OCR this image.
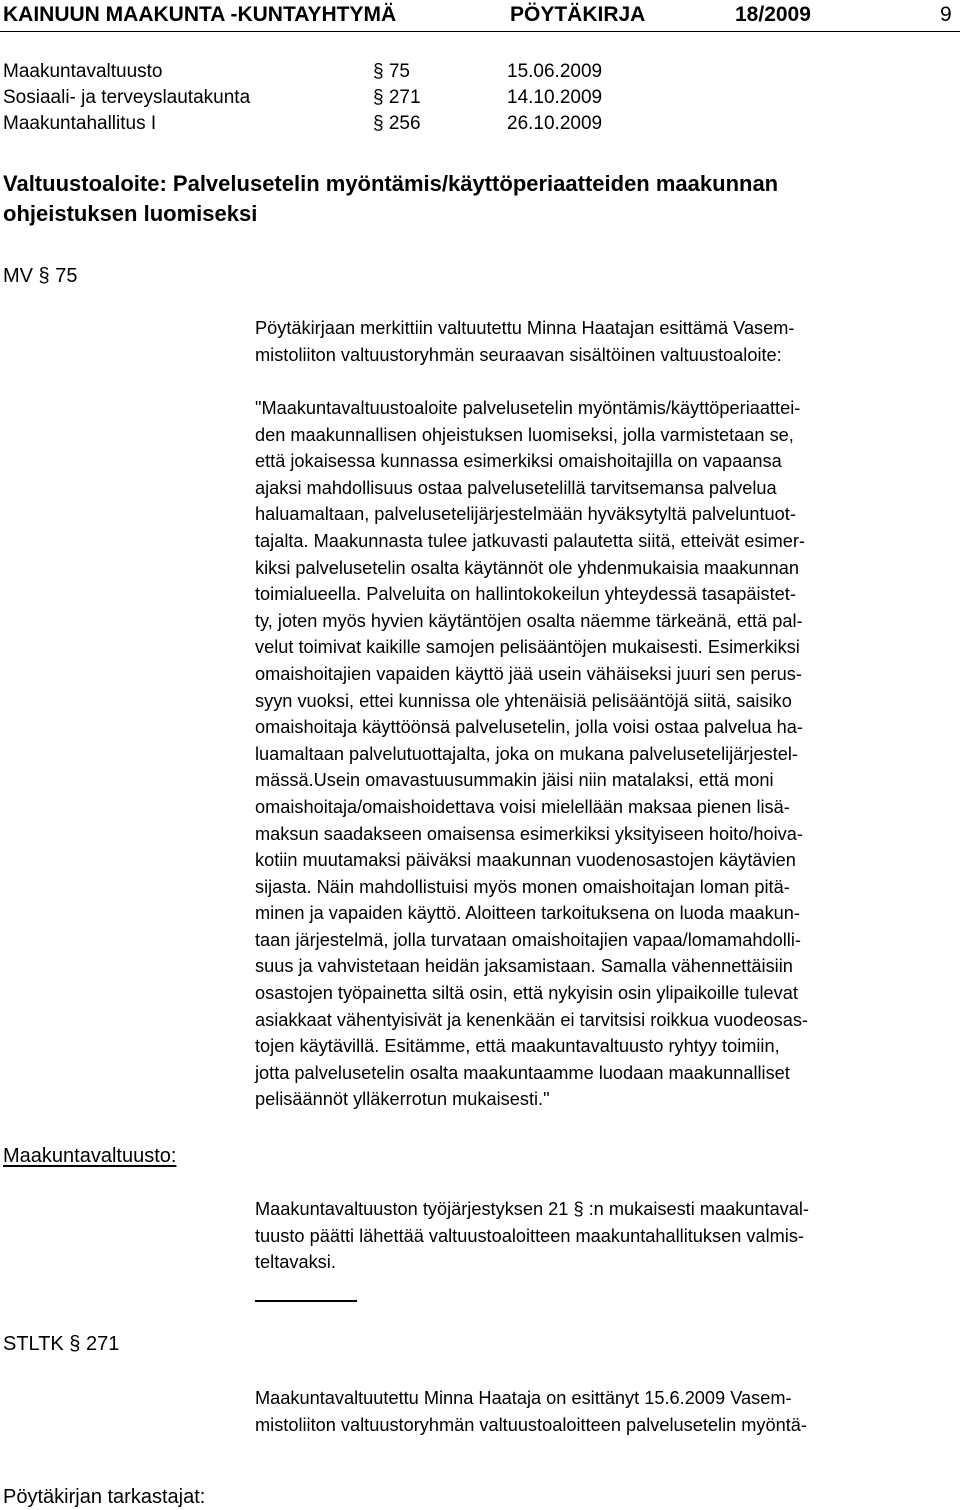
KAINUUN MAAKUNTA -KUNTAYHTYMÄ	PÖYTÄKIRJA	18/2009	9
Maakuntavaltuusto	§ 75	15.06.2009
Sosiaali- ja terveyslautakunta	§ 271	14.10.2009
Maakuntahallitus I	§ 256	26.10.2009
Valtuustoaloite: Palvelusetelin myöntämis/käyttöperiaatteiden maakunnan
ohjeistuksen luomiseksi
MV § 75
Maakuntavaltuusto:
STLTK § 271
Pöytäkirjan tarkastajat:
Pöytäkirjaan merkittiin valtuutettu Minna Haatajan esittämä Vasem-
mistoliiton valtuustoryhmän seuraavan sisältöinen valtuustoaloite:
"Maakuntavaltuustoaloite palvelusetelin myöntämis/käyttöperiaattei-
den maakunnallisen ohjeistuksen luomiseksi, jolla varmistetaan se,
että jokaisessa kunnassa esimerkiksi omaishoitajilla on vapaansa
ajaksi mahdollisuus ostaa palvelusetelillä tarvitsemansa palvelua
haluamaltaan, palvelusetelijärjestelmään hyväksytyltä palveluntuot-
tajalta. Maakunnasta tulee jatkuvasti palautetta siitä, etteivät esimer-
kiksi palvelusetelin osalta käytännöt ole yhdenmukaisia maakunnan
toimialueella. Palveluita on hallintokokeilun yhteydessä tasapäistet-
ty, joten myös hyvien käytäntöjen osalta näemme tärkeänä, että pal-
velut toimivat kaikille samojen pelisääntöjen mukaisesti. Esimerkiksi
omaishoitajien vapaiden käyttö jää usein vähäiseksi juuri sen perus-
syyn vuoksi, ettei kunnissa ole yhtenäisiä pelisääntöjä siitä, saisiko
omaishoitaja käyttöönsä palvelusetelin, jolla voisi ostaa palvelua ha-
luamaltaan palvelutuottajalta, joka on mukana palvelusetelijärjestel-
mässä.Usein omavastuusummakin jäisi niin matalaksi, että moni
omaishoitaja/omaishoidettava voisi mielellään maksaa pienen lisä-
maksun saadakseen omaisensa esimerkiksi yksityiseen hoito/hoiva-
kotiin muutamaksi päiväksi maakunnan vuodenosastojen käytävien
sijasta. Näin mahdollistuisi myös monen omaishoitajan loman pitä-
minen ja vapaiden käyttö. Aloitteen tarkoituksena on luoda maakun-
taan järjestelmä, jolla turvataan omaishoitajien vapaa/lomamahdolli-
suus ja vahvistetaan heidän jaksamistaan. Samalla vähennettäisiin
osastojen työpainetta siltä osin, että nykyisin osin ylipaikoille tulevat
asiakkaat vähentyisivät ja kenenkään ei tarvitsisi roikkua vuodeosas-
tojen käytävillä. Esitämme, että maakuntavaltuusto ryhtyy toimiin,
jotta palvelusetelin osalta maakuntaamme luodaan maakunnalliset
pelisäännöt ylläkerrotun mukaisesti."
Maakuntavaltuuston työjärjestyksen 21 § :n mukaisesti maakuntaval-
tuusto päätti lähettää valtuustoaloitteen maakuntahallituksen valmis-
teltavaksi.
Maakuntavaltuutettu Minna Haataja on esittänyt 15.6.2009 Vasem-
mistoliiton valtuustoryhmän valtuustoaloitteen palvelusetelin myöntä-
